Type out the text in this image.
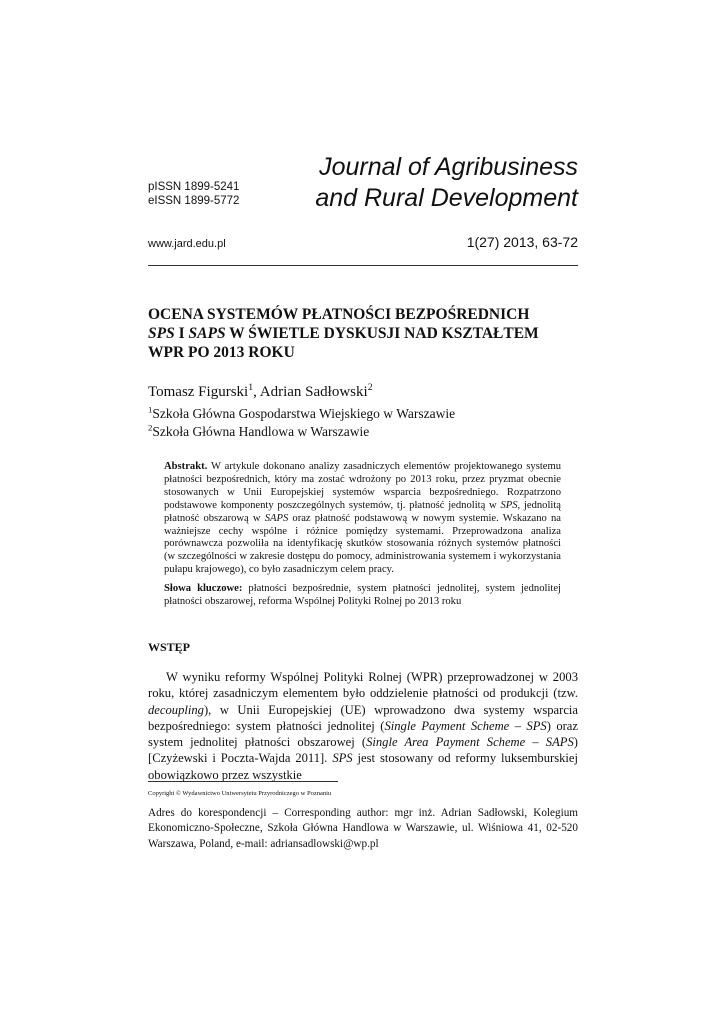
pISSN 1899-5241
eISSN 1899-5772
Journal of Agribusiness
and Rural Development
www.jard.edu.pl	1(27) 2013, 63-72
OCENA SYSTEMÓW PŁATNOŚCI BEZPOŚREDNICH
SPS I SAPS W ŚWIETLE DYSKUSJI NAD KSZTAŁTEM
WPR PO 2013 ROKU
Tomasz Figurski$^1$, Adrian Sadłowski$^2$
$^1$Szkoła Główna Gospodarstwa Wiejskiego w Warszawie
$^2$Szkoła Główna Handlowa w Warszawie
Abstrakt. W artykule dokonano analizy zasadniczych elementów projektowanego systemu płatności bezpośrednich, który ma zostać wdrożony po 2013 roku, przez pryzmat obecnie stosowanych w Unii Europejskiej systemów wsparcia bezpośredniego. Rozpatrzono podstawowe komponenty poszczególnych systemów, tj. płatność jednolitą w SPS, jednolitą płatność obszarową w SAPS oraz płatność podstawową w nowym systemie. Wskazano na ważniejsze cechy wspólne i różnice pomiędzy systemami. Przeprowadzona analiza porównawcza pozwoliła na identyfikację skutków stosowania różnych systemów płatności (w szczególności w zakresie dostępu do pomocy, administrowania systemem i wykorzystania pułapu krajowego), co było zasadniczym celem pracy.
Słowa kluczowe: płatności bezpośrednie, system płatności jednolitej, system jednolitej płatności obszarowej, reforma Wspólnej Polityki Rolnej po 2013 roku
WSTĘP
W wyniku reformy Wspólnej Polityki Rolnej (WPR) przeprowadzonej w 2003 roku, której zasadniczym elementem było oddzielenie płatności od produkcji (tzw. decoupling), w Unii Europejskiej (UE) wprowadzono dwa systemy wsparcia bezpośredniego: system płatności jednolitej (Single Payment Scheme – SPS) oraz system jednolitej płatności obszarowej (Single Area Payment Scheme – SAPS) [Czyżewski i Poczta-Wajda 2011]. SPS jest stosowany od reformy luksemburskiej obowiązkowo przez wszystkie
Copyright © Wydawnictwo Uniwersytetu Przyrodniczego w Poznaniu
Adres do korespondencji – Corresponding author: mgr inż. Adrian Sadłowski, Kolegium Ekonomiczno-Społeczne, Szkoła Główna Handlowa w Warszawie, ul. Wiśniowa 41, 02-520 Warszawa, Poland, e-mail: adriansadlowski@wp.pl
